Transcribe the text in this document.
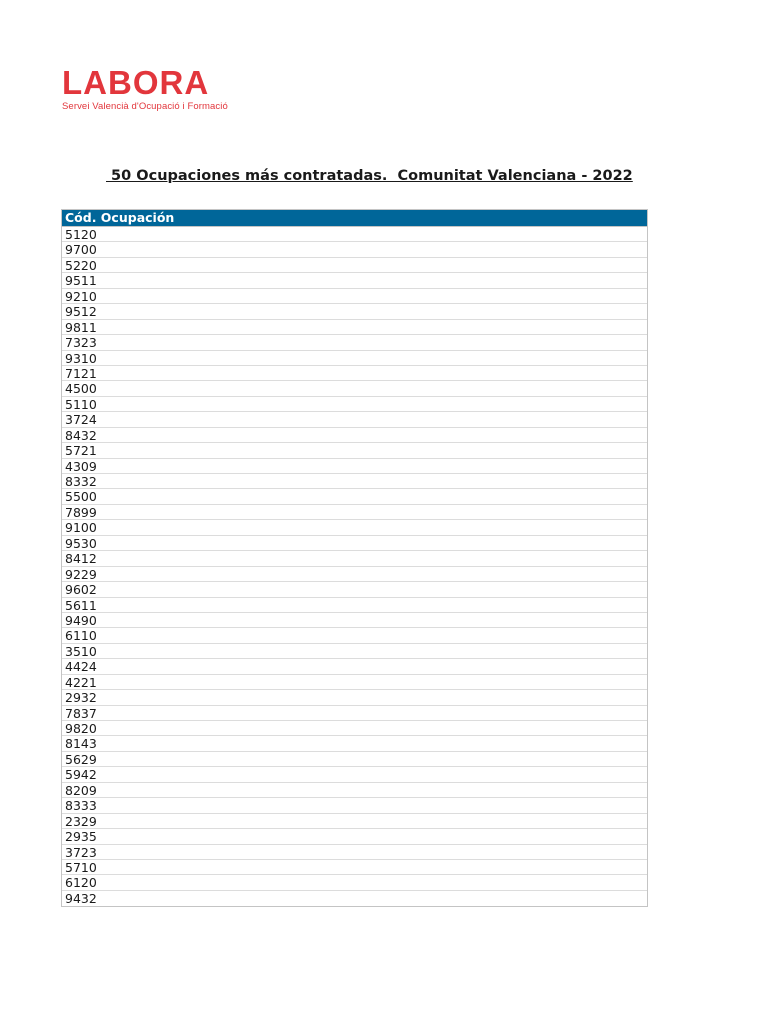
LABORA
Servei Valencià d'Ocupació i Formació
50 Ocupaciones más contratadas.  Comunitat Valenciana - 2022
Cód. Ocupación
5120
9700
5220
9511
9210
9512
9811
7323
9310
7121
4500
5110
3724
8432
5721
4309
8332
5500
7899
9100
9530
8412
9229
9602
5611
9490
6110
3510
4424
4221
2932
7837
9820
8143
5629
5942
8209
8333
2329
2935
3723
5710
6120
9432
